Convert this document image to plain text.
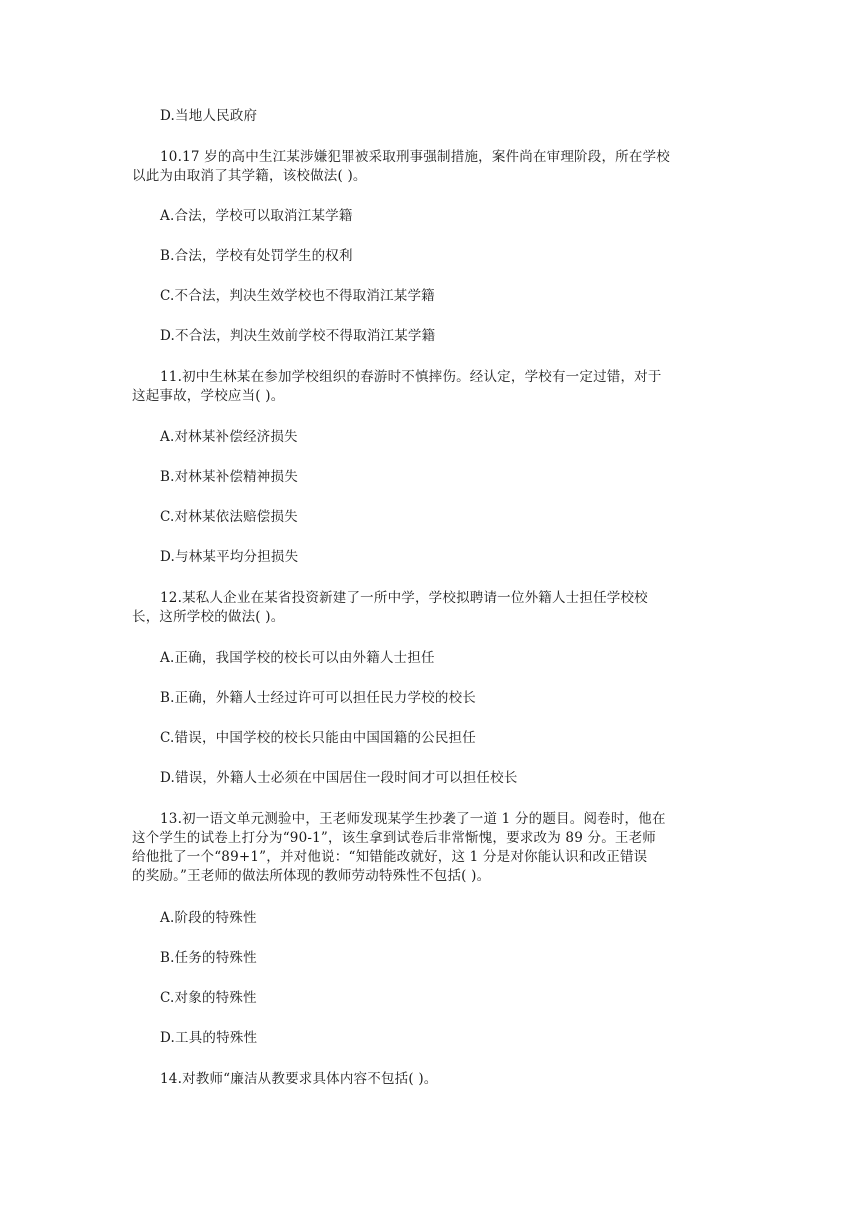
D.当地人民政府
10.17 岁的高中生江某涉嫌犯罪被采取刑事强制措施，案件尚在审理阶段，所在学校
以此为由取消了其学籍，该校做法( )。
A.合法，学校可以取消江某学籍
B.合法，学校有处罚学生的权利
C.不合法，判决生效学校也不得取消江某学籍
D.不合法，判决生效前学校不得取消江某学籍
11.初中生林某在参加学校组织的春游时不慎摔伤。经认定，学校有一定过错，对于
这起事故，学校应当( )。
A.对林某补偿经济损失
B.对林某补偿精神损失
C.对林某依法赔偿损失
D.与林某平均分担损失
12.某私人企业在某省投资新建了一所中学，学校拟聘请一位外籍人士担任学校校
长，这所学校的做法( )。
A.正确，我国学校的校长可以由外籍人士担任
B.正确，外籍人士经过许可可以担任民力学校的校长
C.错误，中国学校的校长只能由中国国籍的公民担任
D.错误，外籍人士必须在中国居住一段时间才可以担任校长
13.初一语文单元测验中，王老师发现某学生抄袭了一道 1 分的题目。阅卷时，他在
这个学生的试卷上打分为“90-1”，该生拿到试卷后非常惭愧，要求改为 89 分。王老师
给他批了一个“89+1”，并对他说：“知错能改就好，这 1 分是对你能认识和改正错误
的奖励。”王老师的做法所体现的教师劳动特殊性不包括( )。
A.阶段的特殊性
B.任务的特殊性
C.对象的特殊性
D.工具的特殊性
14.对教师“廉洁从教要求具体内容不包括( )。
